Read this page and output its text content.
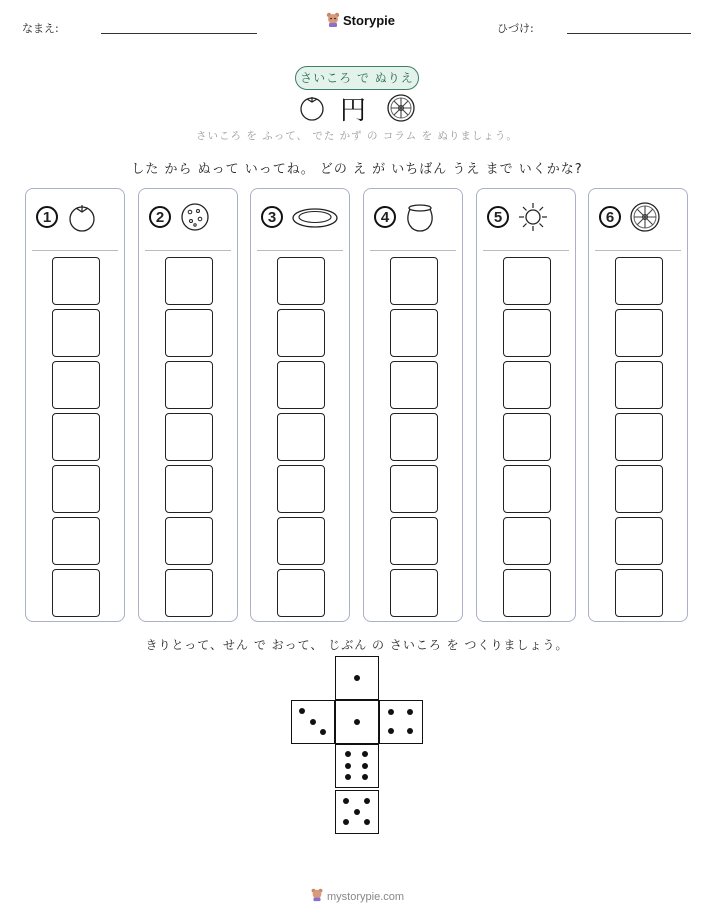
なまえ:
Storypie
ひづけ:
さいころ で ぬりえ
円
さいころ を ふって、 でた かず の コラム を ぬりましょう。
した から ぬって いってね。 どの え が いちばん うえ まで いくかな?
1	2	3	4	5	6
きりとって、せん で おって、 じぶん の さいころ を つくりましょう。
mystorypie.com
